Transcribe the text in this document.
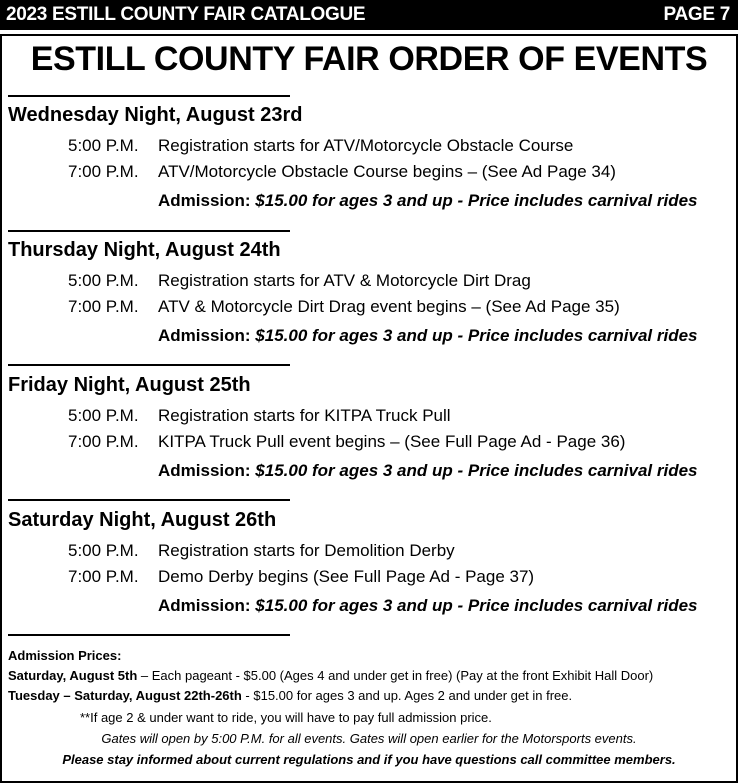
2023 ESTILL COUNTY FAIR CATALOGUE	PAGE 7
ESTILL COUNTY FAIR ORDER OF EVENTS
Wednesday Night, August 23rd
5:00 P.M. Registration starts for ATV/Motorcycle Obstacle Course
7:00 P.M. ATV/Motorcycle Obstacle Course begins – (See Ad Page 34)
Admission: $15.00 for ages 3 and up - Price includes carnival rides
Thursday Night, August 24th
5:00 P.M. Registration starts for ATV & Motorcycle Dirt Drag
7:00 P.M. ATV & Motorcycle Dirt Drag event begins – (See Ad Page 35)
Admission: $15.00 for ages 3 and up - Price includes carnival rides
Friday Night, August 25th
5:00 P.M. Registration starts for KITPA Truck Pull
7:00 P.M. KITPA Truck Pull event begins – (See Full Page Ad - Page 36)
Admission: $15.00 for ages 3 and up - Price includes carnival rides
Saturday Night, August 26th
5:00 P.M. Registration starts for Demolition Derby
7:00 P.M. Demo Derby begins (See Full Page Ad - Page 37)
Admission: $15.00 for ages 3 and up - Price includes carnival rides
Admission Prices:
Saturday, August 5th – Each pageant - $5.00 (Ages 4 and under get in free) (Pay at the front Exhibit Hall Door)
Tuesday – Saturday, August 22th-26th - $15.00 for ages 3 and up. Ages 2 and under get in free.
**If age 2 & under want to ride, you will have to pay full admission price.
Gates will open by 5:00 P.M. for all events. Gates will open earlier for the Motorsports events.
Please stay informed about current regulations and if you have questions call committee members.
